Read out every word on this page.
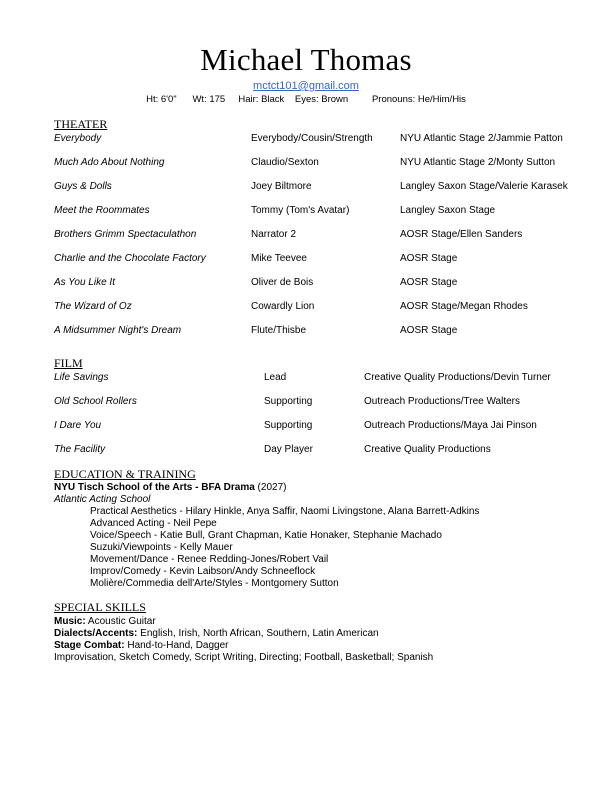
Michael Thomas
mctct101@gmail.com
Ht: 6'0"      Wt: 175     Hair: Black    Eyes: Brown         Pronouns: He/Him/His
THEATER
Everybody	Everybody/Cousin/Strength	NYU Atlantic Stage 2/Jammie Patton
Much Ado About Nothing	Claudio/Sexton	NYU Atlantic Stage 2/Monty Sutton
Guys & Dolls	Joey Biltmore	Langley Saxon Stage/Valerie Karasek
Meet the Roommates	Tommy (Tom's Avatar)	Langley Saxon Stage
Brothers Grimm Spectaculathon	Narrator 2	AOSR Stage/Ellen Sanders
Charlie and the Chocolate Factory	Mike Teevee	AOSR Stage
As You Like It	Oliver de Bois	AOSR Stage
The Wizard of Oz	Cowardly Lion	AOSR Stage/Megan Rhodes
A Midsummer Night's Dream	Flute/Thisbe	AOSR Stage
FILM
Life Savings	Lead	Creative Quality Productions/Devin Turner
Old School Rollers	Supporting	Outreach Productions/Tree Walters
I Dare You	Supporting	Outreach Productions/Maya Jai Pinson
The Facility	Day Player	Creative Quality Productions
EDUCATION & TRAINING
NYU Tisch School of the Arts - BFA Drama (2027)
Atlantic Acting School
Practical Aesthetics - Hilary Hinkle, Anya Saffir, Naomi Livingstone, Alana Barrett-Adkins
Advanced Acting - Neil Pepe
Voice/Speech - Katie Bull, Grant Chapman, Katie Honaker, Stephanie Machado
Suzuki/Viewpoints - Kelly Mauer
Movement/Dance - Renee Redding-Jones/Robert Vail
Improv/Comedy - Kevin Laibson/Andy Schneeflock
Molière/Commedia dell'Arte/Styles - Montgomery Sutton
SPECIAL SKILLS
Music: Acoustic Guitar
Dialects/Accents: English, Irish, North African, Southern, Latin American
Stage Combat: Hand-to-Hand, Dagger
Improvisation, Sketch Comedy, Script Writing, Directing; Football, Basketball; Spanish
